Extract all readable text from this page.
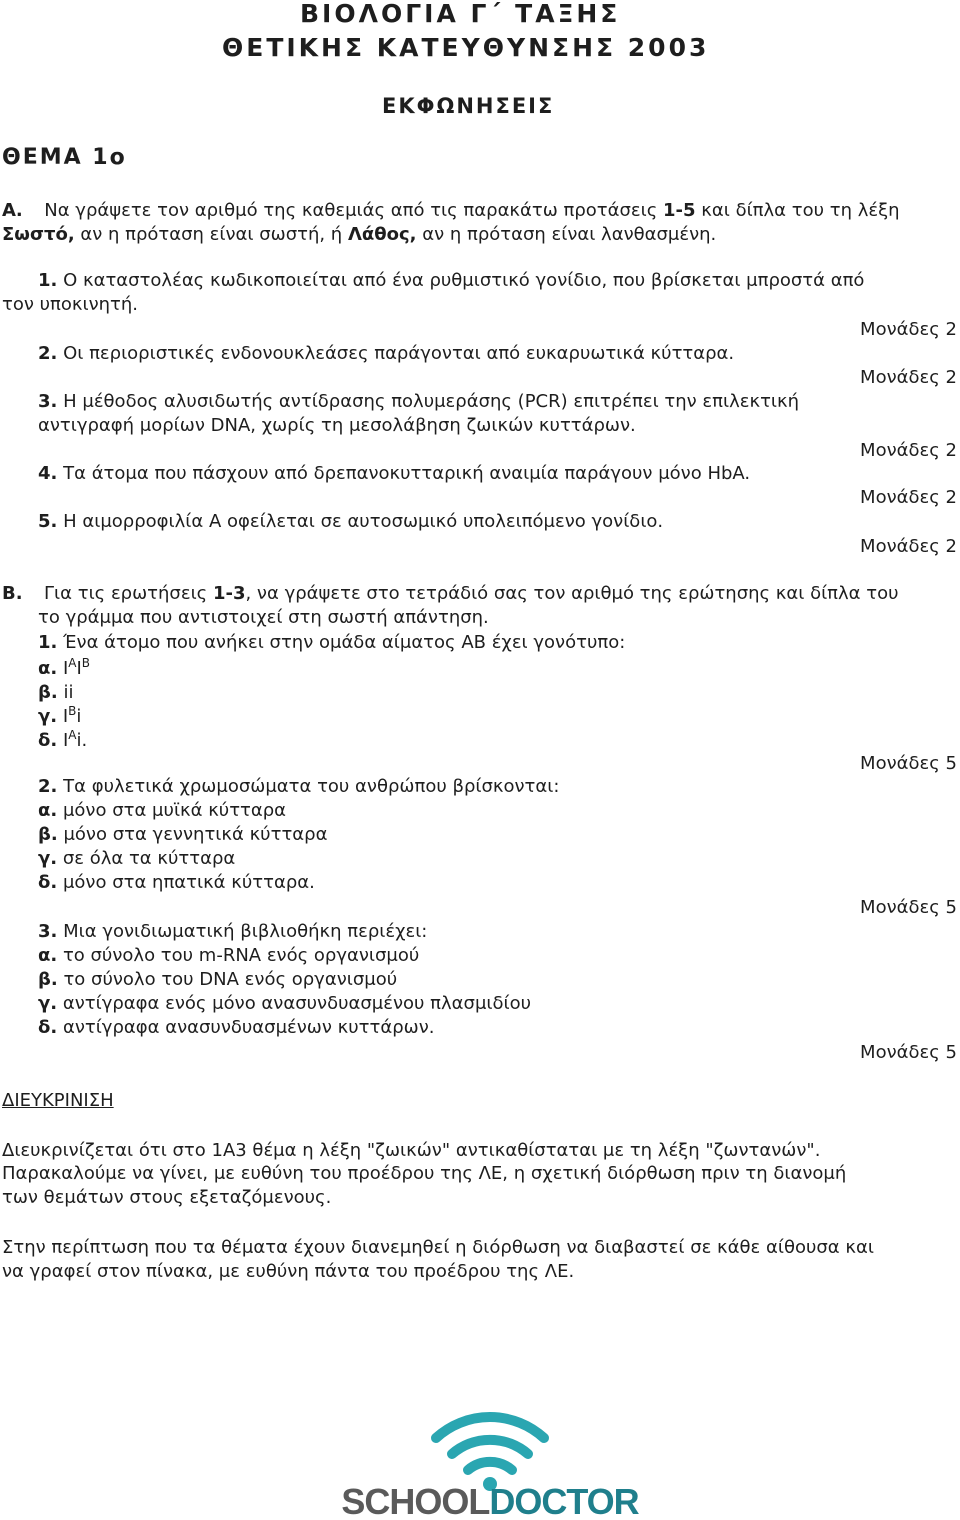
ΒΙΟΛΟΓΙΑ Γ΄ ΤΑΞΗΣ
ΘΕΤΙΚΗΣ ΚΑΤΕΥΘΥΝΣΗΣ 2003
ΕΚΦΩΝΗΣΕΙΣ
ΘΕΜΑ 1ο
Α. Να γράψετε τον αριθμό της καθεμιάς από τις παρακάτω προτάσεις 1-5 και δίπλα του τη λέξη
Σωστό, αν η πρόταση είναι σωστή, ή Λάθος, αν η πρόταση είναι λανθασμένη.
1. Ο καταστολέας κωδικοποιείται από ένα ρυθμιστικό γονίδιο, που βρίσκεται μπροστά από
τον υποκινητή.
Μονάδες 2
2. Οι περιοριστικές ενδονουκλεάσες παράγονται από ευκαρυωτικά κύτταρα.
Μονάδες 2
3. Η μέθοδος αλυσιδωτής αντίδρασης πολυμεράσης (PCR) επιτρέπει την επιλεκτική
αντιγραφή μορίων DNA, χωρίς τη μεσολάβηση ζωικών κυττάρων.
Μονάδες 2
4. Τα άτομα που πάσχουν από δρεπανοκυτταρική αναιμία παράγουν μόνο HbA.
Μονάδες 2
5. Η αιμορροφιλία Α οφείλεται σε αυτοσωμικό υπολειπόμενο γονίδιο.
Μονάδες 2
Β. Για τις ερωτήσεις 1-3, να γράψετε στο τετράδιό σας τον αριθμό της ερώτησης και δίπλα του
το γράμμα που αντιστοιχεί στη σωστή απάντηση.
1. Ένα άτομο που ανήκει στην ομάδα αίματος ΑΒ έχει γονότυπο:
α. $I^AI^B$
β. ii
γ. $I^Bi$
δ. $I^Ai$.
Μονάδες 5
2. Τα φυλετικά χρωμοσώματα του ανθρώπου βρίσκονται:
α. μόνο στα μυϊκά κύτταρα
β. μόνο στα γεννητικά κύτταρα
γ. σε όλα τα κύτταρα
δ. μόνο στα ηπατικά κύτταρα.
Μονάδες 5
3. Μια γονιδιωματική βιβλιοθήκη περιέχει:
α. το σύνολο του m-RNA ενός οργανισμού
β. το σύνολο του DNA ενός οργανισμού
γ. αντίγραφα ενός μόνο ανασυνδυασμένου πλασμιδίου
δ. αντίγραφα ανασυνδυασμένων κυττάρων.
Μονάδες 5
ΔΙΕΥΚΡΙΝΙΣΗ
Διευκρινίζεται ότι στο 1Α3 θέμα η λέξη "ζωικών" αντικαθίσταται με τη λέξη "ζωντανών".
Παρακαλούμε να γίνει, με ευθύνη του προέδρου της ΛΕ, η σχετική διόρθωση πριν τη διανομή
των θεμάτων στους εξεταζόμενους.
Στην περίπτωση που τα θέματα έχουν διανεμηθεί η διόρθωση να διαβαστεί σε κάθε αίθουσα και
να γραφεί στον πίνακα, με ευθύνη πάντα του προέδρου της ΛΕ.
SCHOOLDOCTOR
